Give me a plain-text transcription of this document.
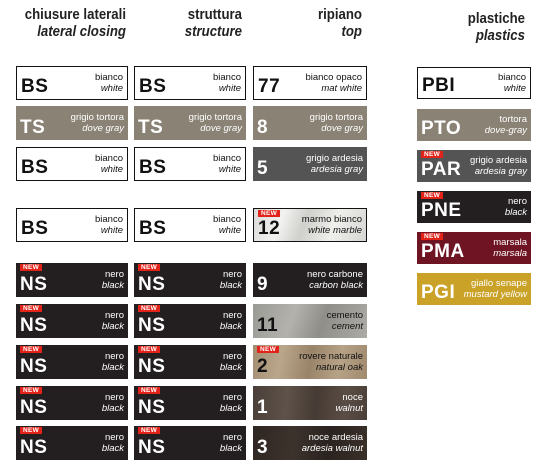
chiusure laterali
lateral closing
struttura
structure
ripiano
top
plastiche
plastics
BS	bianco
white
TS	grigio tortora
dove gray
BS	bianco
white
BS	bianco
white
NEW
NS	nero
black
NEW
NS	nero
black
NEW
NS	nero
black
NEW
NS	nero
black
NEW
NS	nero
black
BS	bianco
white
TS	grigio tortora
dove gray
BS	bianco
white
BS	bianco
white
NEW
NS	nero
black
NEW
NS	nero
black
NEW
NS	nero
black
NEW
NS	nero
black
NEW
NS	nero
black
77	bianco opaco
mat white
8	grigio tortora
dove gray
5	grigio ardesia
ardesia gray
NEW
12 marmo bianco
white marble
9	nero carbone
carbon black
11	cemento
cement
NEW
2	rovere naturale
natural oak
1	noce
walnut
3	noce ardesia
ardesia walnut
PBI	bianco
white
PTO	tortora
dove-gray
NEW
PAR grigio ardesia
ardesia gray
NEW
PNE	nero
black
NEW
PMA	marsala
marsala
PGI	giallo senape
mustard yellow
